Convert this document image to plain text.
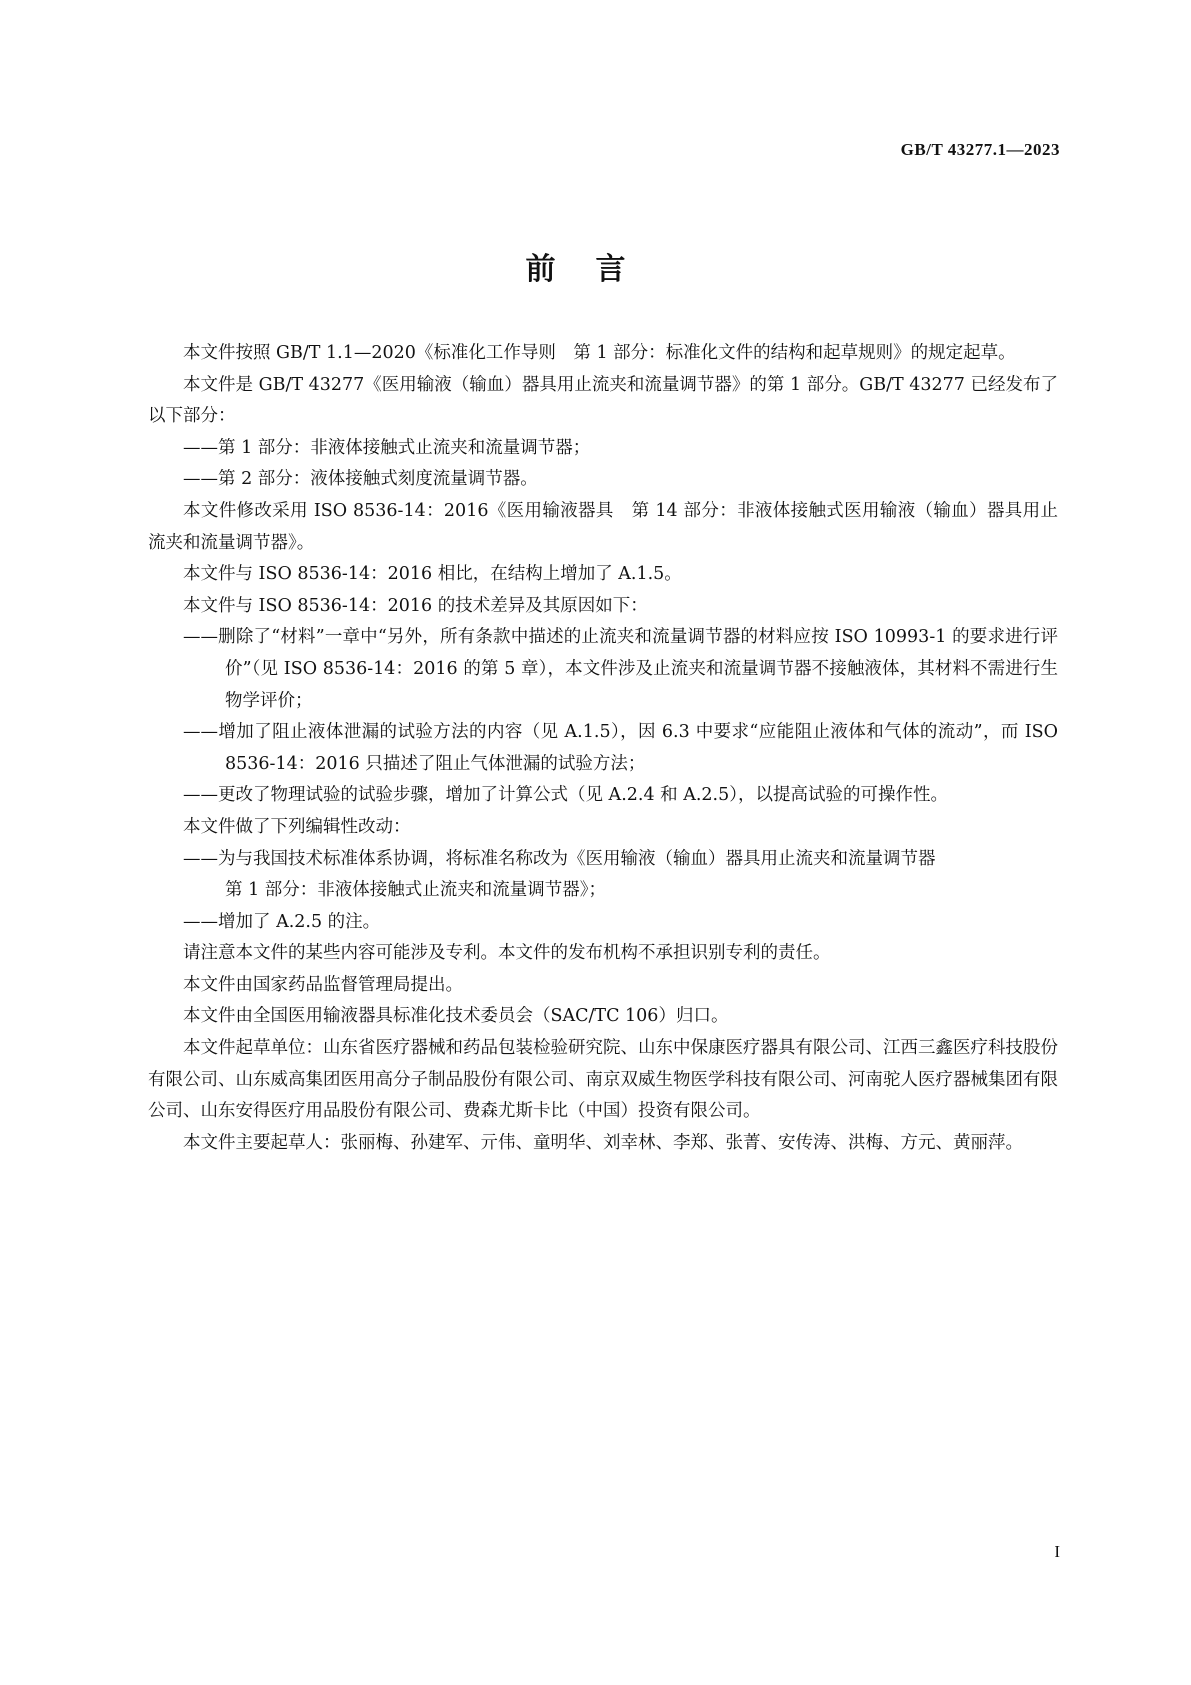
GB/T 43277.1—2023
前言

本文件按照 GB/T 1.1—2020《标准化工作导则　第 1 部分：标准化文件的结构和起草规则》的规定起草。

本文件是 GB/T 43277《医用输液（输血）器具用止流夹和流量调节器》的第 1 部分。GB/T 43277 已经发布了以下部分：

——第 1 部分：非液体接触式止流夹和流量调节器；

——第 2 部分：液体接触式刻度流量调节器。

本文件修改采用 ISO 8536-14：2016《医用输液器具　第 14 部分：非液体接触式医用输液（输血）器具用止流夹和流量调节器》。

本文件与 ISO 8536-14：2016 相比，在结构上增加了 A.1.5。

本文件与 ISO 8536-14：2016 的技术差异及其原因如下：

——删除了“材料”一章中“另外，所有条款中描述的止流夹和流量调节器的材料应按 ISO 10993-1 的要求进行评价”（见 ISO 8536-14：2016 的第 5 章），本文件涉及止流夹和流量调节器不接触液体，其材料不需进行生物学评价；

——增加了阻止液体泄漏的试验方法的内容（见 A.1.5），因 6.3 中要求“应能阻止液体和气体的流动”，而 ISO 8536-14：2016 只描述了阻止气体泄漏的试验方法；

——更改了物理试验的试验步骤，增加了计算公式（见 A.2.4 和 A.2.5），以提高试验的可操作性。

本文件做了下列编辑性改动：

——为与我国技术标准体系协调，将标准名称改为《医用输液（输血）器具用止流夹和流量调节器

第 1 部分：非液体接触式止流夹和流量调节器》；

——增加了 A.2.5 的注。

请注意本文件的某些内容可能涉及专利。本文件的发布机构不承担识别专利的责任。

本文件由国家药品监督管理局提出。

本文件由全国医用输液器具标准化技术委员会（SAC/TC 106）归口。

本文件起草单位：山东省医疗器械和药品包装检验研究院、山东中保康医疗器具有限公司、江西三鑫医疗科技股份有限公司、山东威高集团医用高分子制品股份有限公司、南京双威生物医学科技有限公司、河南驼人医疗器械集团有限公司、山东安得医疗用品股份有限公司、费森尤斯卡比（中国）投资有限公司。

本文件主要起草人：张丽梅、孙建军、亓伟、童明华、刘幸林、李郑、张菁、安传涛、洪梅、方元、黄丽萍。

I
